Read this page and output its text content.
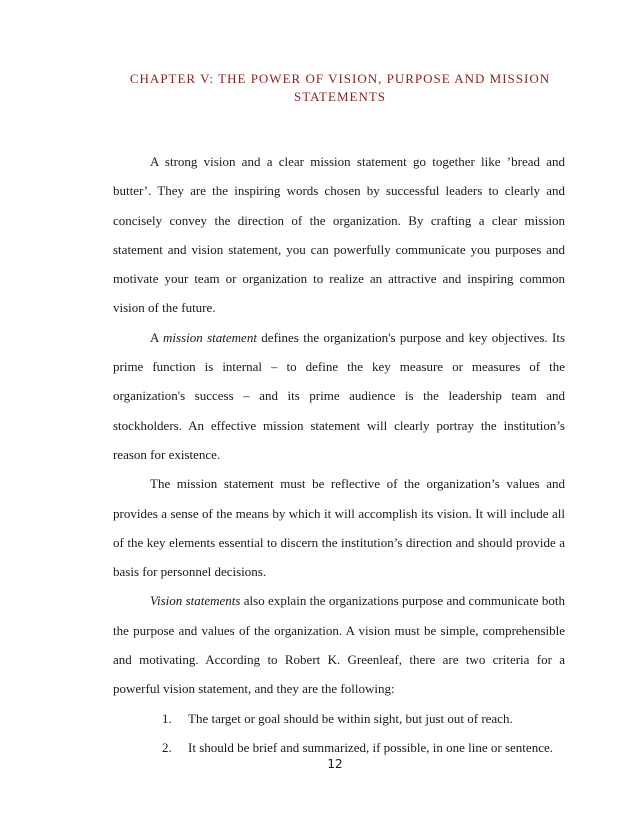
CHAPTER V: THE POWER OF VISION, PURPOSE AND MISSION
STATEMENTS

A strong vision and a clear mission statement go together like ’bread and butter’. They are the inspiring words chosen by successful leaders to clearly and concisely convey the direction of the organization. By crafting a clear mission statement and vision statement, you can powerfully communicate you purposes and motivate your team or organization to realize an attractive and inspiring common vision of the future.

A mission statement defines the organization's purpose and key objectives. Its prime function is internal – to define the key measure or measures of the organization's success – and its prime audience is the leadership team and stockholders. An effective mission statement will clearly portray the institution’s reason for existence.

The mission statement must be reflective of the organization’s values and provides a sense of the means by which it will accomplish its vision. It will include all of the key elements essential to discern the institution’s direction and should provide a basis for personnel decisions.

Vision statements also explain the organizations purpose and communicate both the purpose and values of the organization. A vision must be simple, comprehensible and motivating. According to Robert K. Greenleaf, there are two criteria for a powerful vision statement, and they are the following:

1. The target or goal should be within sight, but just out of reach.
2. It should be brief and summarized, if possible, in one line or sentence.
12
